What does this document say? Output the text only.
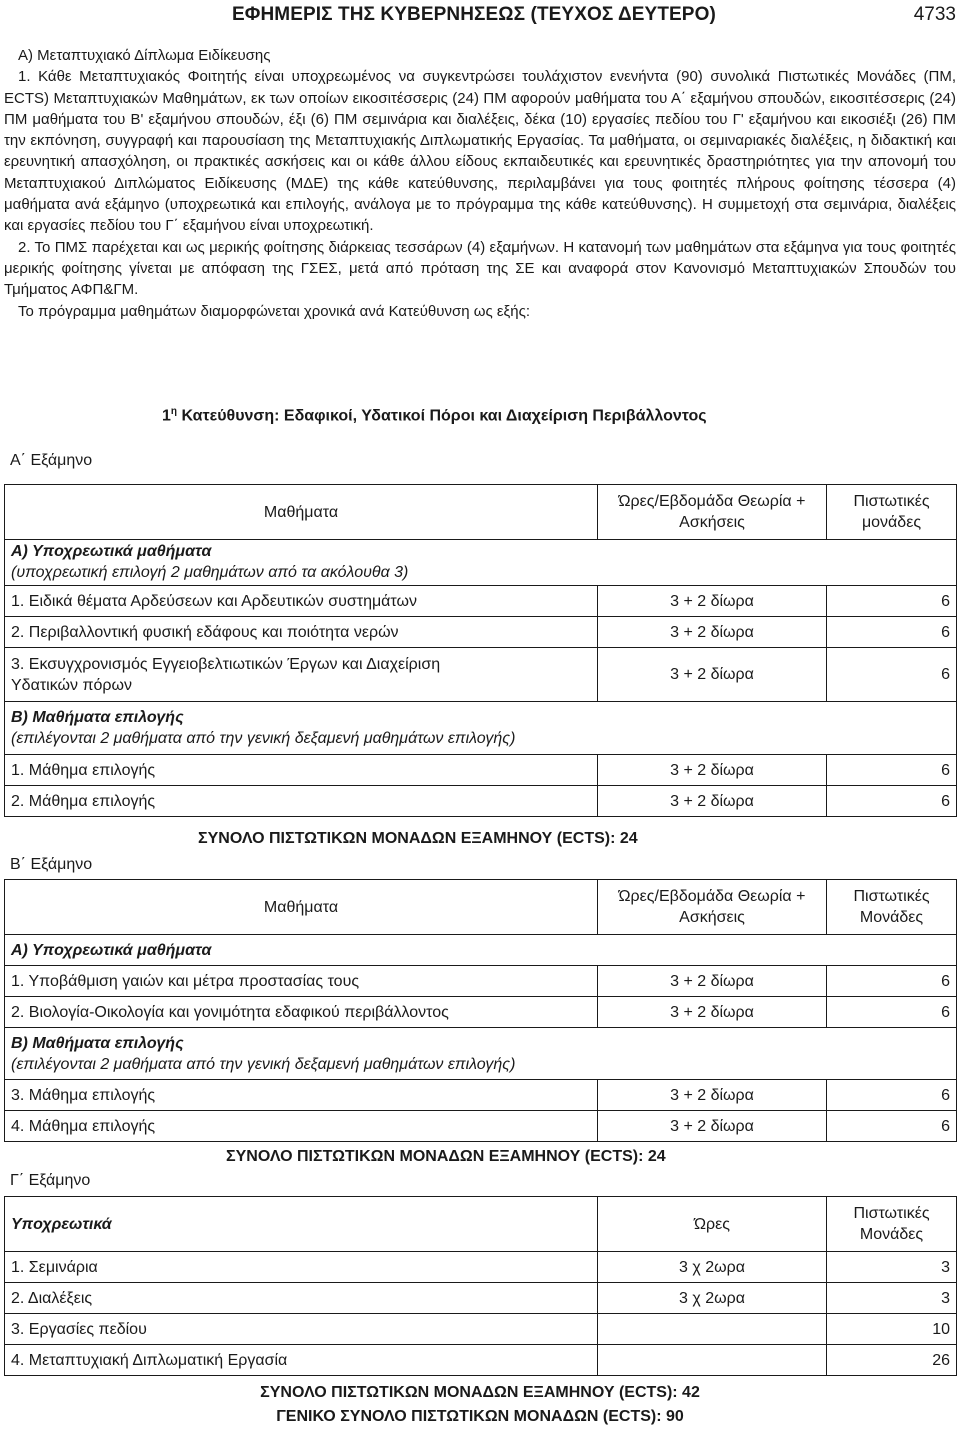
ΕΦΗΜΕΡΙΣ ΤΗΣ ΚΥΒΕΡΝΗΣΕΩΣ (ΤΕΥΧΟΣ ΔΕΥΤΕΡΟ)	4733

Α) Μεταπτυχιακό Δίπλωμα Ειδίκευσης

1. Κάθε Μεταπτυχιακός Φοιτητής είναι υποχρεωμένος να συγκεντρώσει τουλάχιστον ενενήντα (90) συνολικά Πιστωτικές Μονάδες (ΠΜ, ECTS) Μεταπτυχιακών Μαθημάτων, εκ των οποίων εικοσιτέσσερις (24) ΠΜ αφορούν μαθήματα του Α΄ εξαμήνου σπουδών, εικοσιτέσσερις (24) ΠΜ μαθήματα του Β' εξαμήνου σπουδών, έξι (6) ΠΜ σεμινάρια και διαλέξεις, δέκα (10) εργασίες πεδίου του Γ' εξαμήνου και εικοσιέξι (26) ΠΜ την εκπόνηση, συγγραφή και παρουσίαση της Μεταπτυχιακής Διπλωματικής Εργασίας. Τα μαθήματα, οι σεμιναριακές διαλέξεις, η διδακτική και ερευνητική απασχόληση, οι πρακτικές ασκήσεις και οι κάθε άλλου είδους εκπαιδευτικές και ερευνητικές δραστηριότητες για την απονομή του Μεταπτυχιακού Διπλώματος Ειδίκευσης (ΜΔΕ) της κάθε κατεύθυνσης, περιλαμβάνει για τους φοιτητές πλήρους φοίτησης τέσσερα (4) μαθήματα ανά εξάμηνο (υποχρεωτικά και επιλογής, ανάλογα με το πρόγραμμα της κάθε κατεύθυνσης). Η συμμετοχή στα σεμινάρια, διαλέξεις και εργασίες πεδίου του Γ΄ εξαμήνου είναι υποχρεωτική.

2. Το ΠΜΣ παρέχεται και ως μερικής φοίτησης διάρκειας τεσσάρων (4) εξαμήνων. Η κατανομή των μαθημάτων στα εξάμηνα για τους φοιτητές μερικής φοίτησης γίνεται με απόφαση της ΓΣΕΣ, μετά από πρόταση της ΣΕ και αναφορά στον Κανονισμό Μεταπτυχιακών Σπουδών του Τμήματος ΑΦΠ&ΓΜ.

Το πρόγραμμα μαθημάτων διαμορφώνεται χρονικά ανά Κατεύθυνση ως εξής:

$1^\eta$ Κατεύθυνση: Εδαφικοί, Υδατικοί Πόροι και Διαχείριση Περιβάλλοντος
Α΄ Εξάμηνο
Μαθήματα	Ώρες/Εβδομάδα Θεωρία + Ασκήσεις	Πιστωτικές μονάδες

Α) Υποχρεωτικά μαθήματα
(υποχρεωτική επιλογή 2 μαθημάτων από τα ακόλουθα 3)		

1. Ειδικά θέματα Αρδεύσεων και Αρδευτικών συστημάτων	3 + 2 δίωρα	6
2. Περιβαλλοντική φυσική εδάφους και ποιότητα νερών	3 + 2 δίωρα	6
3. Εκσυγχρονισμός Εγγειοβελτιωτικών Έργων και Διαχείριση Υδατικών πόρων	3 + 2 δίωρα	6

Β) Μαθήματα επιλογής
(επιλέγονται 2 μαθήματα από την γενική δεξαμενή μαθημάτων επιλογής)		

1. Μάθημα επιλογής	3 + 2 δίωρα	6
2. Μάθημα επιλογής	3 + 2 δίωρα	6
ΣΥΝΟΛΟ ΠΙΣΤΩΤΙΚΩΝ ΜΟΝΑΔΩΝ ΕΞΑΜΗΝΟΥ (ECTS): 24
Β΄ Εξάμηνο
Μαθήματα	Ώρες/Εβδομάδα Θεωρία + Ασκήσεις	Πιστωτικές Μονάδες
Α) Υποχρεωτικά μαθήματα		
1. Υποβάθμιση γαιών και μέτρα προστασίας τους	3 + 2 δίωρα	6
2. Βιολογία-Οικολογία και γονιμότητα εδαφικού περιβάλλοντος	3 + 2 δίωρα	6

Β) Μαθήματα επιλογής
(επιλέγονται 2 μαθήματα από την γενική δεξαμενή μαθημάτων επιλογής)		

3. Μάθημα επιλογής	3 + 2 δίωρα	6
4. Μάθημα επιλογής	3 + 2 δίωρα	6
ΣΥΝΟΛΟ ΠΙΣΤΩΤΙΚΩΝ ΜΟΝΑΔΩΝ ΕΞΑΜΗΝΟΥ (ECTS): 24
Γ΄ Εξάμηνο
Υποχρεωτικά	Ώρες	Πιστωτικές Μονάδες
1. Σεμινάρια	3 χ 2ωρα	3
2. Διαλέξεις	3 χ 2ωρα	3
3. Εργασίες πεδίου		10
4. Μεταπτυχιακή Διπλωματική Εργασία		26
ΣΥΝΟΛΟ ΠΙΣΤΩΤΙΚΩΝ ΜΟΝΑΔΩΝ ΕΞΑΜΗΝΟΥ (ECTS): 42
ΓΕΝΙΚΟ ΣΥΝΟΛΟ ΠΙΣΤΩΤΙΚΩΝ ΜΟΝΑΔΩΝ (ECTS): 90
